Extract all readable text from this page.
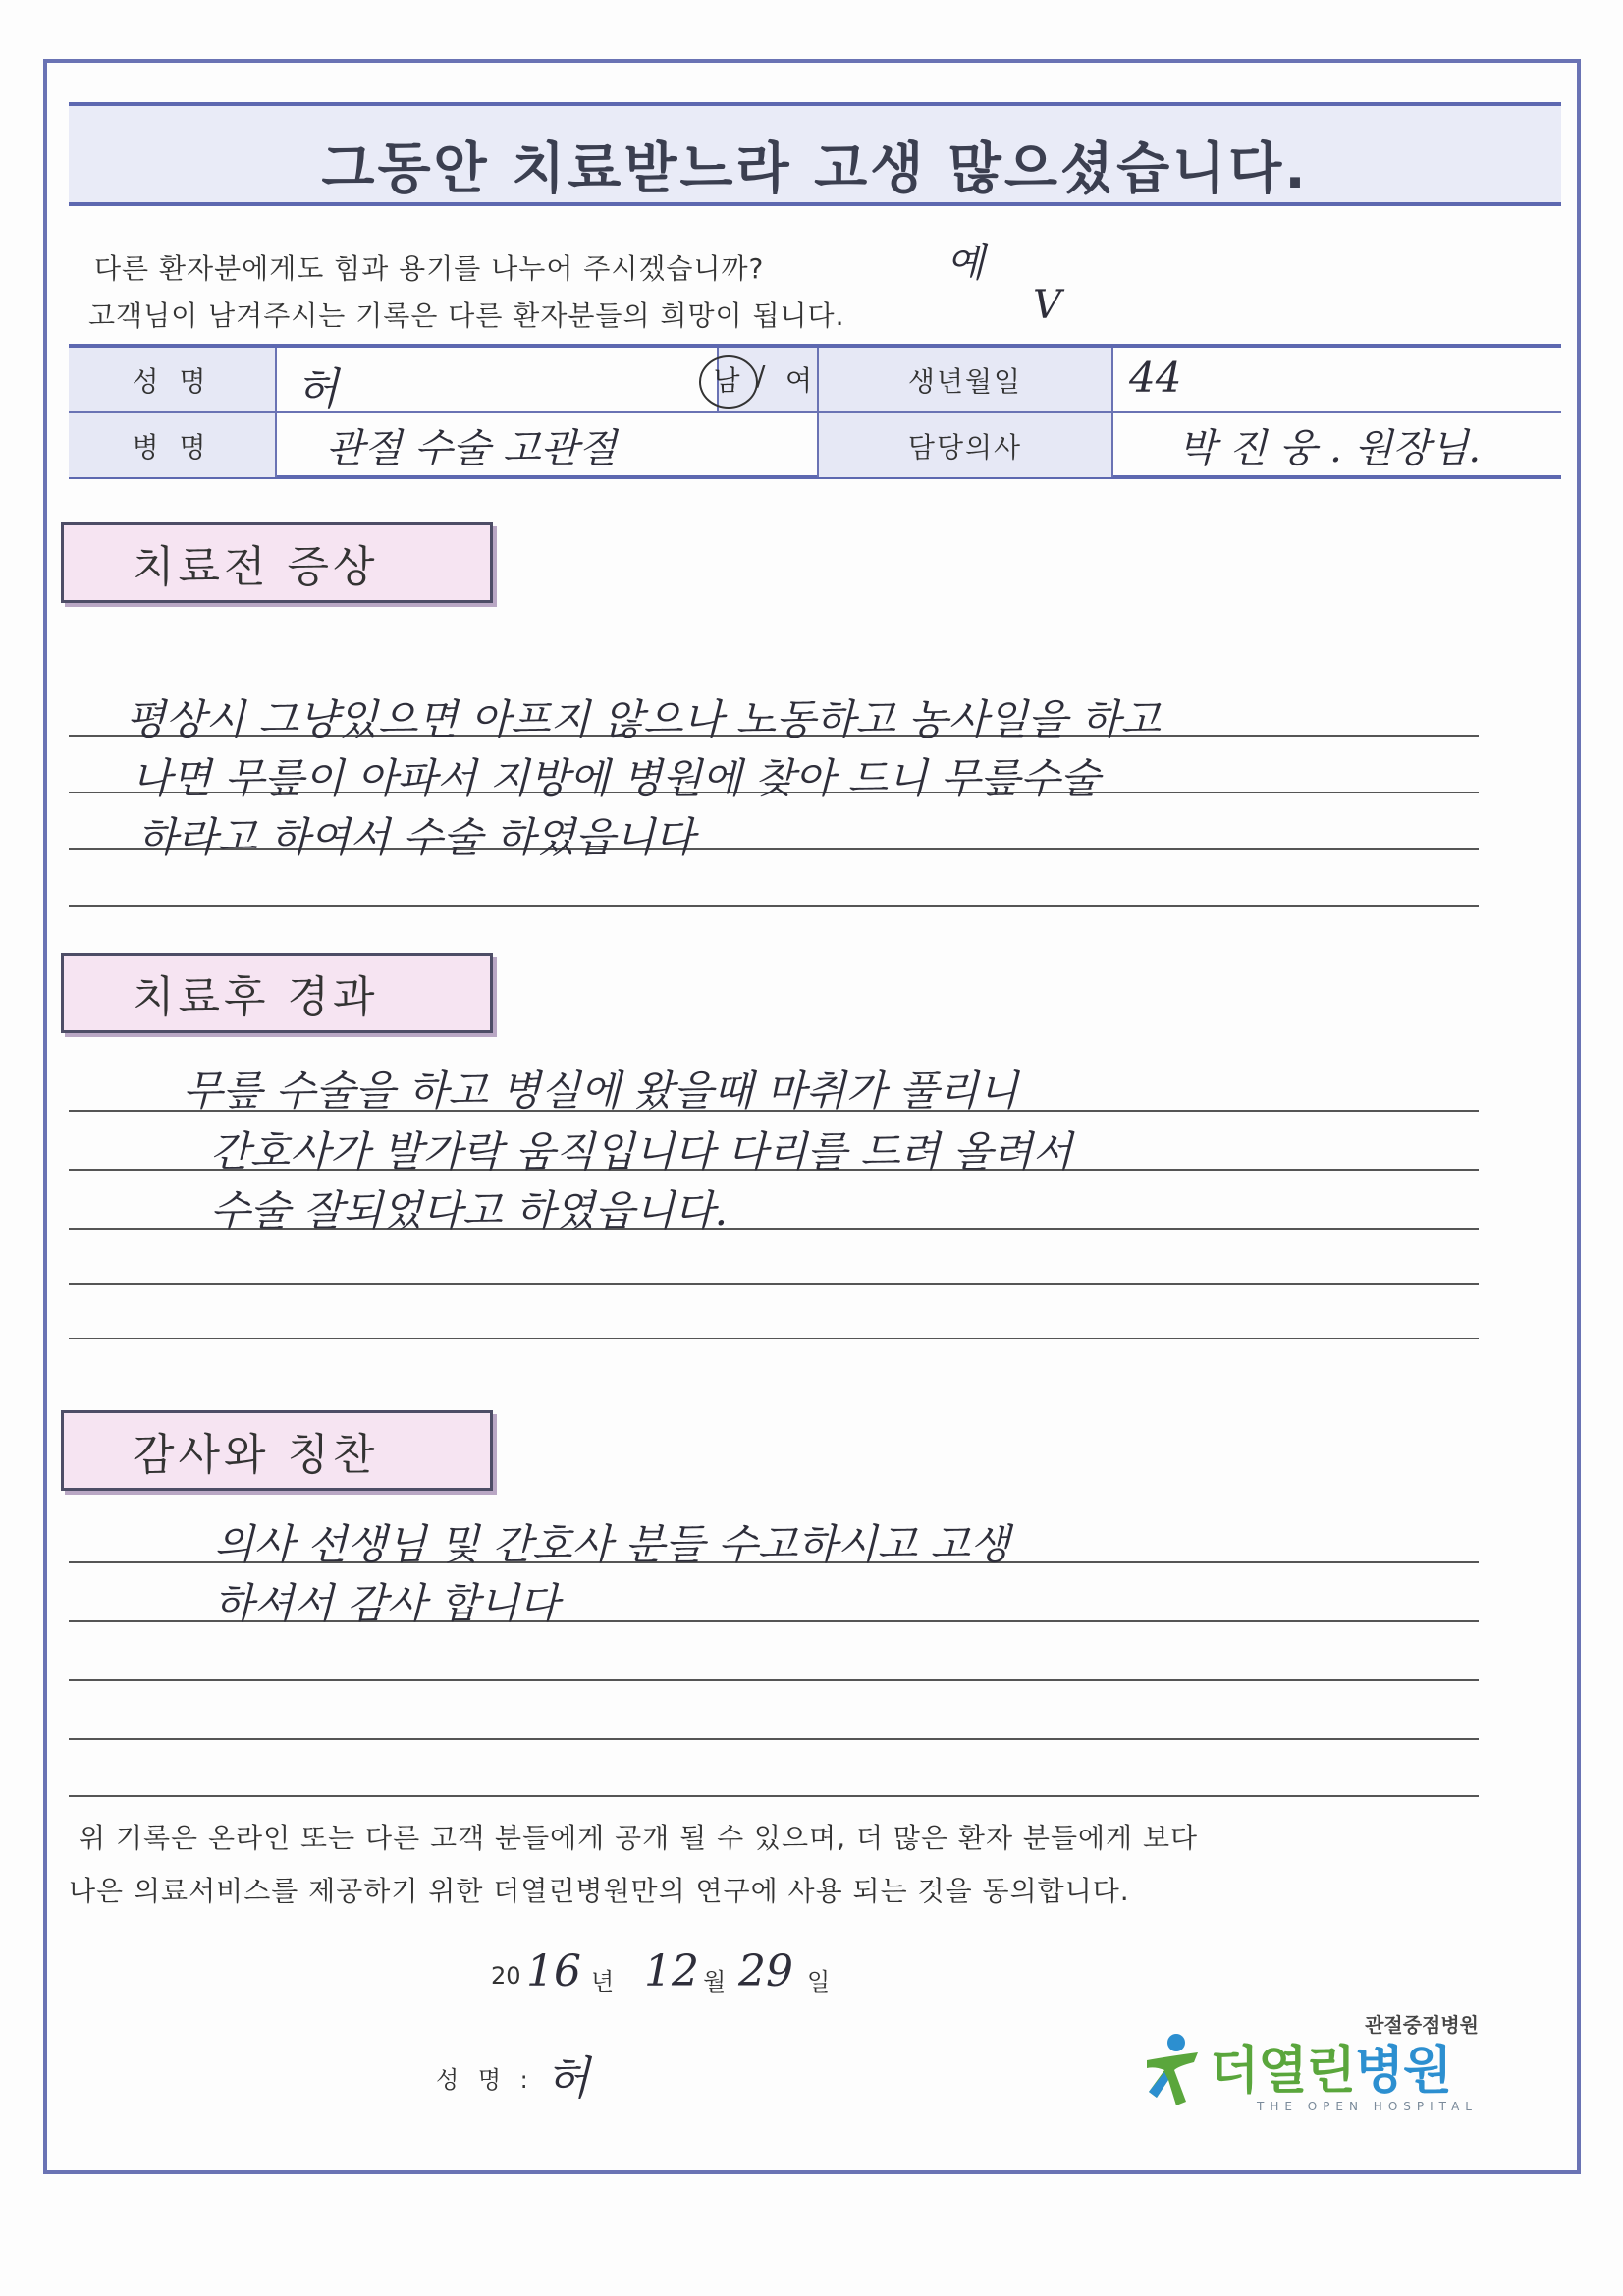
그동안 치료받느라 고생 많으셨습니다.
다른 환자분에게도 힘과 용기를 나누어 주시겠습니까?	예
고객님이 남겨주시는 기록은 다른 환자분들의 희망이 됩니다.	V
성 명	허	남 / 여	생년월일	44
병 명	관절 수술 고관절	담당의사	박 진 웅 . 원장님.
치료전 증상
평상시 그냥있으면 아프지 않으나 노동하고 농사일을 하고
나면 무릎이 아파서 지방에 병원에 찾아 드니 무릎수술
하라고 하여서 수술 하였읍니다
치료후 경과
무릎 수술을 하고 병실에 왔을때 마취가 풀리니
간호사가 발가락 움직입니다 다리를 드려 올려서
수술 잘되었다고 하였읍니다.
감사와 칭찬
의사 선생님 및 간호사 분들 수고하시고 고생
하셔서 감사 합니다
위 기록은 온라인 또는 다른 고객 분들에게 공개 될 수 있으며, 더 많은 환자 분들에게 보다
나은 의료서비스를 제공하기 위한 더열린병원만의 연구에 사용 되는 것을 동의합니다.
20 16 년 12 월 29 일
성 명 : 허
관절중점병원
더열린병원
THE OPEN HOSPITAL
